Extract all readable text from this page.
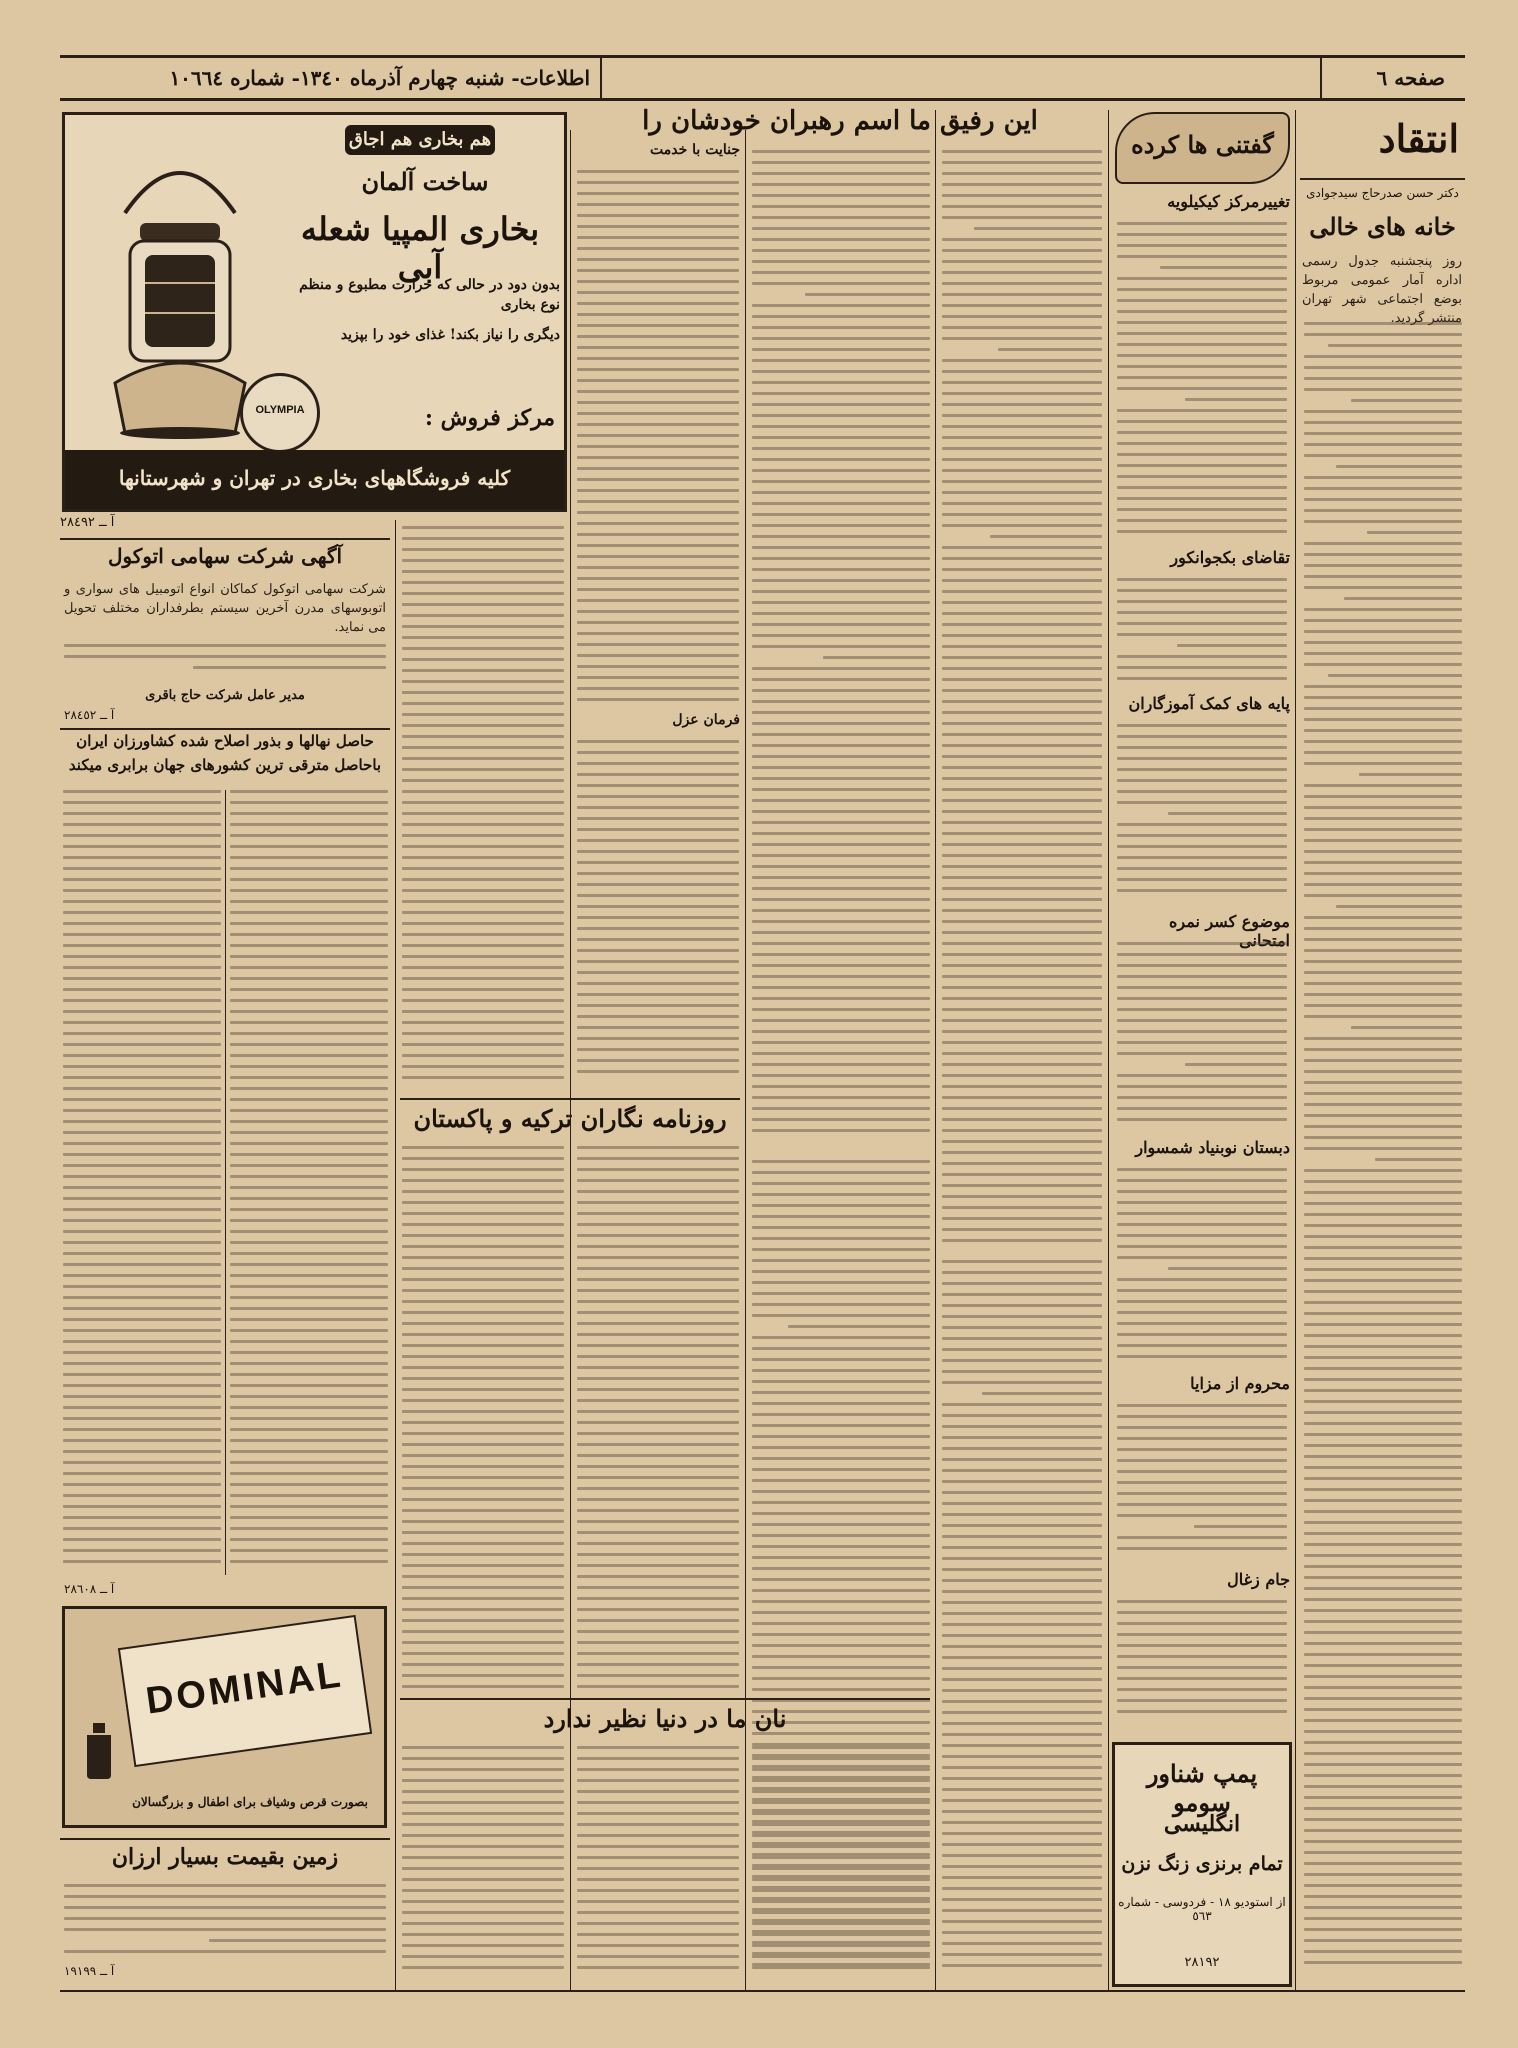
صفحه ٦
اطلاعات- شنبه چهارم آذرماه ١٣٤٠- شماره ١٠٦٦٤
انتقاد
دکتر حسن صدرحاج سیدجوادی
خانه های خالی
روز پنجشنبه جدول رسمی اداره آمار عمومی مربوط بوضع اجتماعی شهر تهران منتشر گردید.
گفتنی ها کرده
تغییرمرکز کیکیلویه
تقاضای بکجوانکور
پایه های کمک آموزگاران
موضوع کسر نمره امتحانی
دبستان نوبنیاد شمسوار
محروم از مزایا
جام زغال
پمپ شناور سومو
انگلیسی
تمام برنزی زنگ نزن
از استودیو ١٨ - فردوسی - شماره ٥٦٣
٢٨١٩٢
این رفیق ما اسم رهبران خودشان را
جنایت با خدمت
فرمان عزل
روزنامه نگاران ترکیه و پاکستان
نان ما در دنیا نظیر ندارد
هم بخاری هم اجاق
ساخت آلمان
بخاری المپیا شعله آبی
بدون دود در حالی که حرارت مطبوع و منظم نوع بخاری
دیگری را نیاز بکند! غذای خود را بپزید
OLYMPIA	مرکز فروش :
کلیه فروشگاههای بخاری در تهران و شهرستانها
آ ــ ٢٨٤٩٢
آگهی شرکت سهامی اتوکول
شرکت سهامی اتوکول کماکان انواع اتومبیل های سواری و اتوبوسهای مدرن آخرین سیستم بطرفداران مختلف تحویل می نماید.
مدیر عامل شرکت حاج باقری
آ ــ ٢٨٤٥٢
حاصل نهالها و بذور اصلاح شده کشاورزان ایران
باحاصل مترقی ترین کشورهای جهان برابری میکند
آ ــ ٢٨٦٠٨
DOMINAL
بصورت قرص وشیاف برای اطفال و بزرگسالان
زمین بقیمت بسیار ارزان
آ ــ ١٩١٩٩
